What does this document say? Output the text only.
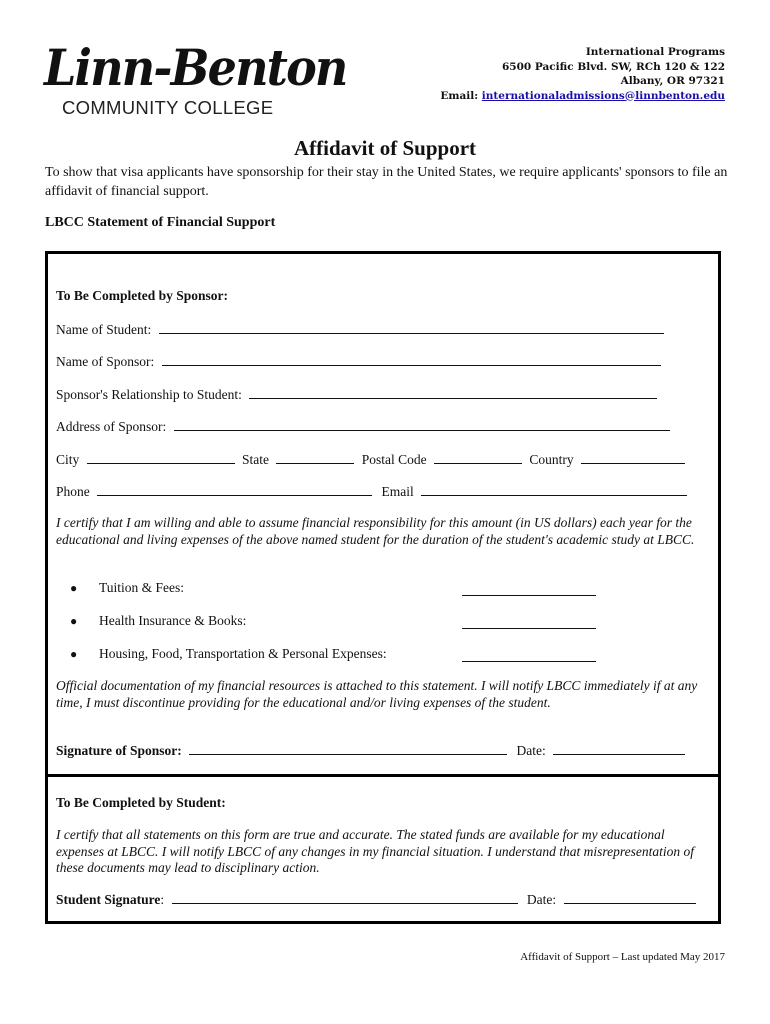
Linn-Benton
COMMUNITY COLLEGE
International Programs
6500 Pacific Blvd. SW, RCh 120 & 122
Albany, OR 97321
Email: internationaladmissions@linnbenton.edu
Affidavit of Support
To show that visa applicants have sponsorship for their stay in the United States, we require applicants' sponsors to file an affidavit of financial support.
LBCC Statement of Financial Support
To Be Completed by Sponsor:
Name of Student:
Name of Sponsor:
Sponsor's Relationship to Student:
Address of Sponsor:
City	State	Postal Code	Country
Phone	Email
I certify that I am willing and able to assume financial responsibility for this amount (in US dollars) each year for the educational and living expenses of the above named student for the duration of the student's academic study at LBCC.
● Tuition & Fees:
● Health Insurance & Books:
● Housing, Food, Transportation & Personal Expenses:
Official documentation of my financial resources is attached to this statement. I will notify LBCC immediately if at any time, I must discontinue providing for the educational and/or living expenses of the student.
Signature of Sponsor:	Date:
To Be Completed by Student:
I certify that all statements on this form are true and accurate. The stated funds are available for my educational expenses at LBCC. I will notify LBCC of any changes in my financial situation. I understand that misrepresentation of these documents may lead to disciplinary action.
Student Signature:	Date:
Affidavit of Support – Last updated May 2017
